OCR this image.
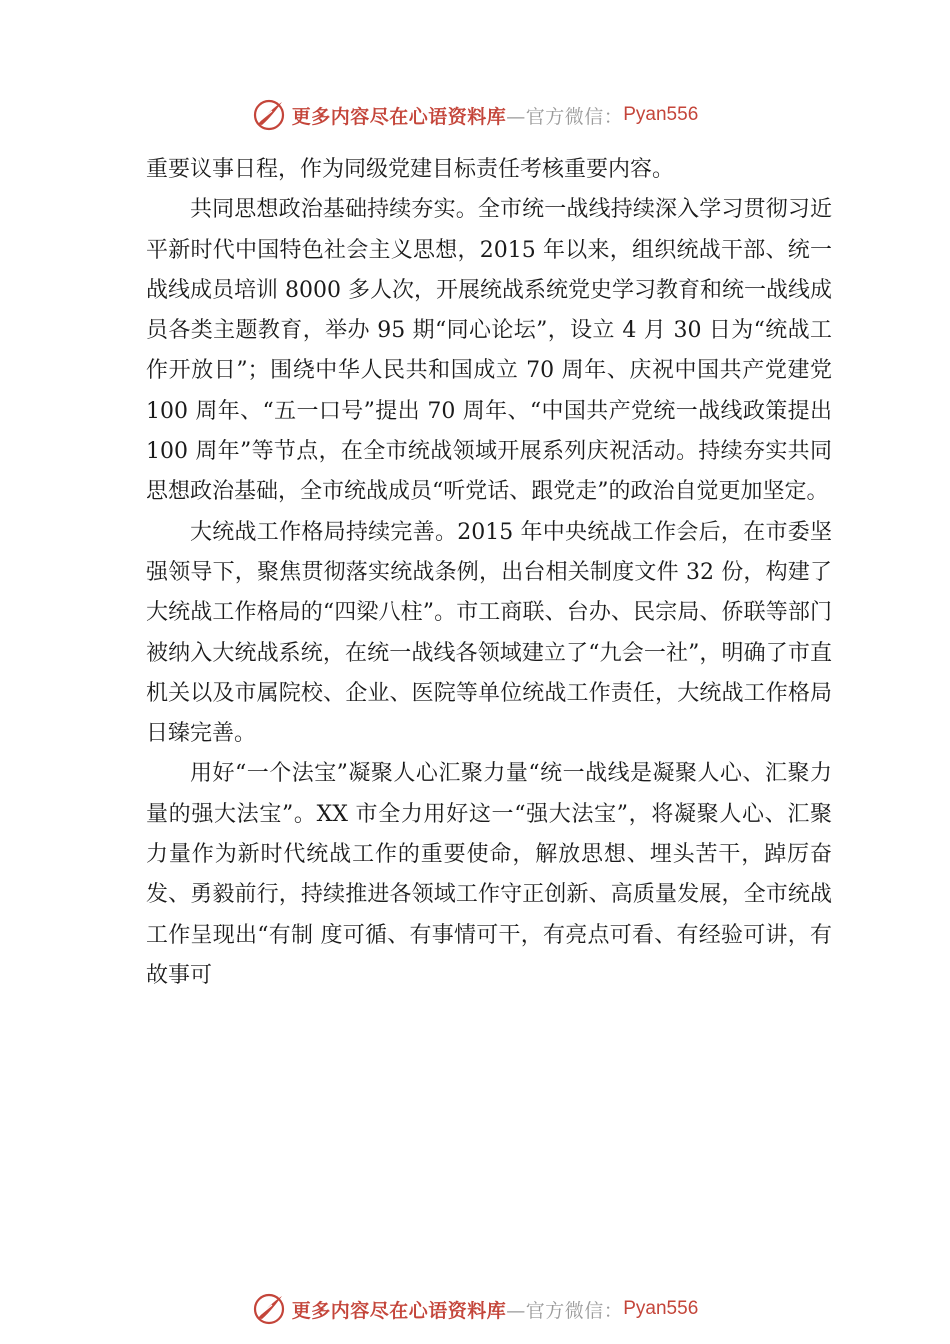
更多内容尽在心语资料库 —官方微信： Pyan556

重要议事日程，作为同级党建目标责任考核重要内容。

共同思想政治基础持续夯实。全市统一战线持续深入学习贯彻习近平新时代中国特色社会主义思想，2015 年以来，组织统战干部、统一战线成员培训 8000 多人次，开展统战系统党史学习教育和统一战线成员各类主题教育，举办 95 期“同心论坛”，设立 4 月 30 日为“统战工作开放日”；围绕中华人民共和国成立 70 周年、庆祝中国共产党建党 100 周年、“五一口号”提出 70 周年、“中国共产党统一战线政策提出 100 周年”等节点，在全市统战领域开展系列庆祝活动。持续夯实共同思想政治基础，全市统战成员“听党话、跟党走”的政治自觉更加坚定。

大统战工作格局持续完善。2015 年中央统战工作会后，在市委坚强领导下，聚焦贯彻落实统战条例，出台相关制度文件 32 份，构建了大统战工作格局的“四梁八柱”。市工商联、台办、民宗局、侨联等部门被纳入大统战系统，在统一战线各领域建立了“九会一社”，明确了市直机关以及市属院校、企业、医院等单位统战工作责任，大统战工作格局日臻完善。

用好“一个法宝”凝聚人心汇聚力量“统一战线是凝聚人心、汇聚力量的强大法宝”。XX 市全力用好这一“强大法宝”，将凝聚人心、汇聚力量作为新时代统战工作的重要使命，解放思想、埋头苦干，踔厉奋发、勇毅前行，持续推进各领域工作守正创新、高质量发展，全市统战工作呈现出“有制 度可循、有事情可干，有亮点可看、有经验可讲，有故事可

更多内容尽在心语资料库 —官方微信： Pyan556
